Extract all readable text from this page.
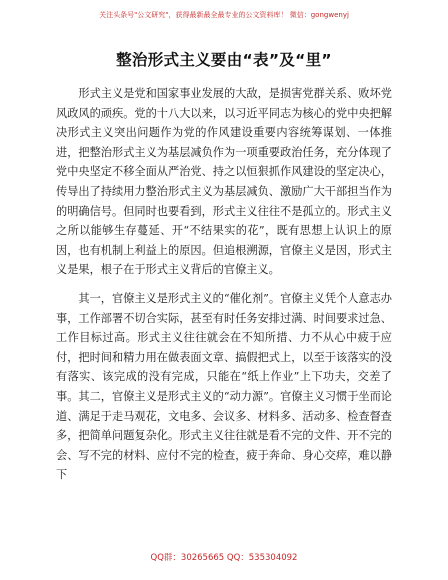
关注头条号"公文研究"，获得最新最全最专业的公文资料库！ 微信：gongwenyj
整治形式主义要由“表”及“里”

形式主义是党和国家事业发展的大敌，是损害党群关系、败坏党风政风的顽疾。党的十八大以来，以习近平同志为核心的党中央把解决形式主义突出问题作为党的作风建设重要内容统筹谋划、一体推进，把整治形式主义为基层减负作为一项重要政治任务，充分体现了党中央坚定不移全面从严治党、持之以恒狠抓作风建设的坚定决心，传导出了持续用力整治形式主义为基层减负、激励广大干部担当作为的明确信号。但同时也要看到，形式主义往往不是孤立的。形式主义之所以能够生存蔓延、开“不结果实的花”，既有思想上认识上的原因，也有机制上利益上的原因。但追根溯源，官僚主义是因，形式主义是果，根子在于形式主义背后的官僚主义。

其一，官僚主义是形式主义的“催化剂”。官僚主义凭个人意志办事，工作部署不切合实际，甚至有时任务安排过满、时间要求过急、工作目标过高。形式主义往往就会在不知所措、力不从心中疲于应付，把时间和精力用在做表面文章、搞假把式上，以至于该落实的没有落实、该完成的没有完成，只能在“纸上作业”上下功夫，交差了事。其二，官僚主义是形式主义的“动力源”。官僚主义习惯于坐而论道、满足于走马观花，文电多、会议多、材料多、活动多、检查督查多，把简单问题复杂化。形式主义往往就是看不完的文件、开不完的会、写不完的材料、应付不完的检查，疲于奔命、身心交瘁，难以静下

QQ群：30265665 QQ：535304092
